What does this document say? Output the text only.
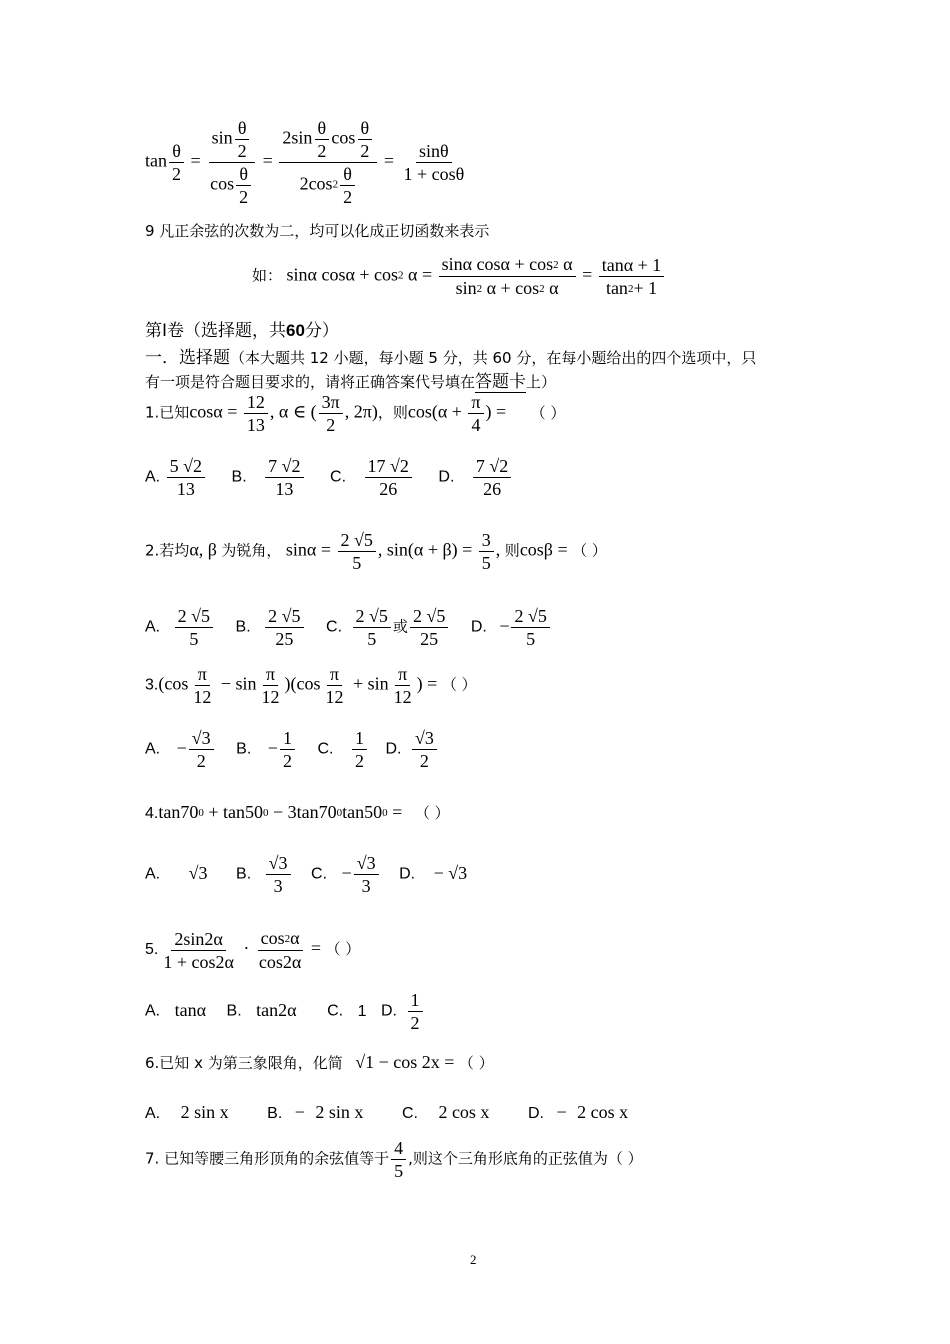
$\tan \frac{\theta}{2} = \frac{\sin \frac{\theta}{2}}{\cos \frac{\theta}{2}} = \frac{2\sin \frac{\theta}{2} \cos \frac{\theta}{2}}{2\cos 2 \frac{\theta}{2}} = \frac{\sin\theta}{1 + \cos\theta}$
9 凡正余弦的次数为二，均可以化成正切函数来表示
如： sinα cosα + cos2 $\alpha = \frac{\text{sinα cosα + cos2 α}}{\sin 2 \alpha + \cos 2 \alpha} = \frac{\tan\alpha + 1}{\tan 2+ 1}$
第Ⅰ卷（选择题，共60分）
一．选择题（本大题共 12 小题，每小题 5 分，共 60 分，在每小题给出的四个选项中，只
有一项是符合题目要求的，请将正确答案代号填在答题卡上）
1.已知$\cos\alpha = \frac{12}{13}$ , α ∈ ( $\frac{3\pi}{2}$ , 2π)，则$\cos(\alpha + \frac{\pi}{4}$ ) = （ ）
A. $\frac{5 √2}{13} B$. $\frac{7 √2}{13} C$. $\frac{17 √2}{26} D$. $\frac{7 √2}{26}$
2.若均α, β 为锐角， $\sin\alpha = \frac{2 √5}{5}$ , $\sin(\alpha + \beta) = \frac{3}{5}$ , 则cosβ = （ ）
A. $\frac{2 √5}{5} B$. $\frac{2 √5}{25} C$. $\frac{2 √5}{5}$ 或 $\frac{2 √5}{25} D$. − $\frac{2 √5}{5}$
$3.(\cos \frac{\pi}{12} - \sin \frac{\pi}{12} )(\cos \frac{\pi}{12} + \sin \frac{\pi}{12}$ ) = （ ）
A. − $\frac{√3}{2} B$. − $\frac{1}{2} C$. $\frac{1}{2} D$. $\frac{√3}{2}$
4.tan700 + tan500 − 3tan700tan500 = （ ）
A. √3 B. $\frac{√3}{3} C$. − $\frac{√3}{3} D$. − √3
5. $\frac{2\sin 2\alpha}{1 + \cos 2\alpha} \cdot \frac{\cos 2\alpha}{\cos 2\alpha}$ = （ ）
A. tanα B. tan2α C. 1 D. $\frac{1}{2}$
6.已知 x 为第三象限角，化简 √1 − cos 2x = （ ）
A. 2 sin x B. − 2 sin x C. 2 cos x D. − 2 cos x
7. 已知等腰三角形顶角的余弦值等于 $\frac{4}{5}$ ,则这个三角形底角的正弦值为（ ）
2
